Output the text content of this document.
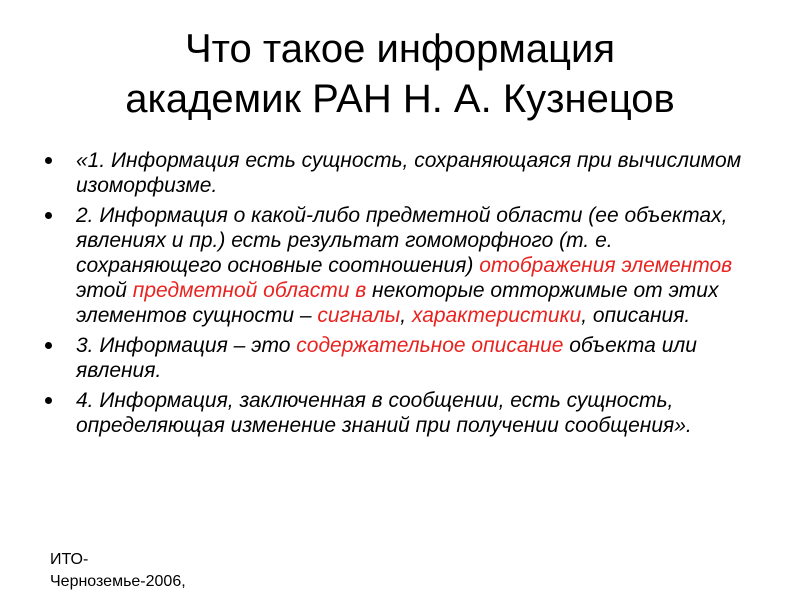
Что такое информация
академик РАН Н. А. Кузнецов
«1. Информация есть сущность, сохраняющаяся при вычислимом изоморфизме.
2. Информация о какой-либо предметной области (ее объектах, явлениях и пр.) есть результат гомоморфного (т. е. сохраняющего основные соотношения) отображения элементов этой предметной области в некоторые отторжимые от этих элементов сущности – сигналы, характеристики, описания.
3. Информация – это содержательное описание объекта или явления.
4. Информация, заключенная в сообщении, есть сущность, определяющая изменение знаний при получении сообщения».
ИТО-
Черноземье-2006,
